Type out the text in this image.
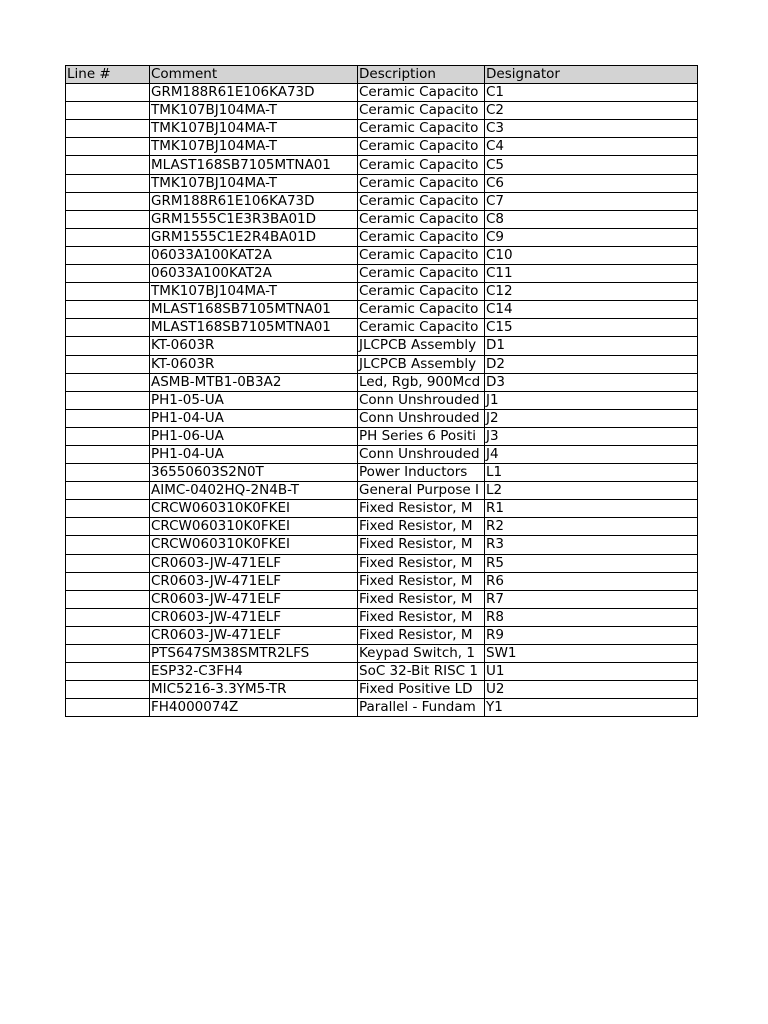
Line #	Comment	Description	Designator
	GRM188R61E106KA73D	Ceramic Capacito	C1
	TMK107BJ104MA-T	Ceramic Capacito	C2
	TMK107BJ104MA-T	Ceramic Capacito	C3
	TMK107BJ104MA-T	Ceramic Capacito	C4
	MLAST168SB7105MTNA01	Ceramic Capacito	C5
	TMK107BJ104MA-T	Ceramic Capacito	C6
	GRM188R61E106KA73D	Ceramic Capacito	C7
	GRM1555C1E3R3BA01D	Ceramic Capacito	C8
	GRM1555C1E2R4BA01D	Ceramic Capacito	C9
	06033A100KAT2A	Ceramic Capacito	C10
	06033A100KAT2A	Ceramic Capacito	C11
	TMK107BJ104MA-T	Ceramic Capacito	C12
	MLAST168SB7105MTNA01	Ceramic Capacito	C14
	MLAST168SB7105MTNA01	Ceramic Capacito	C15
	KT-0603R	JLCPCB Assembly	D1
	KT-0603R	JLCPCB Assembly	D2
	ASMB-MTB1-0B3A2	Led, Rgb, 900Mcd	D3
	PH1-05-UA	Conn Unshrouded	J1
	PH1-04-UA	Conn Unshrouded	J2
	PH1-06-UA	PH Series 6 Positi	J3
	PH1-04-UA	Conn Unshrouded	J4
	36550603S2N0T	Power Inductors	L1
	AIMC-0402HQ-2N4B-T	General Purpose I	L2
	CRCW060310K0FKEI	Fixed Resistor, M	R1
	CRCW060310K0FKEI	Fixed Resistor, M	R2
	CRCW060310K0FKEI	Fixed Resistor, M	R3
	CR0603-JW-471ELF	Fixed Resistor, M	R5
	CR0603-JW-471ELF	Fixed Resistor, M	R6
	CR0603-JW-471ELF	Fixed Resistor, M	R7
	CR0603-JW-471ELF	Fixed Resistor, M	R8
	CR0603-JW-471ELF	Fixed Resistor, M	R9
	PTS647SM38SMTR2LFS	Keypad Switch, 1	SW1
	ESP32-C3FH4	SoC 32-Bit RISC 1	U1
	MIC5216-3.3YM5-TR	Fixed Positive LD	U2
	FH4000074Z	Parallel - Fundam	Y1
